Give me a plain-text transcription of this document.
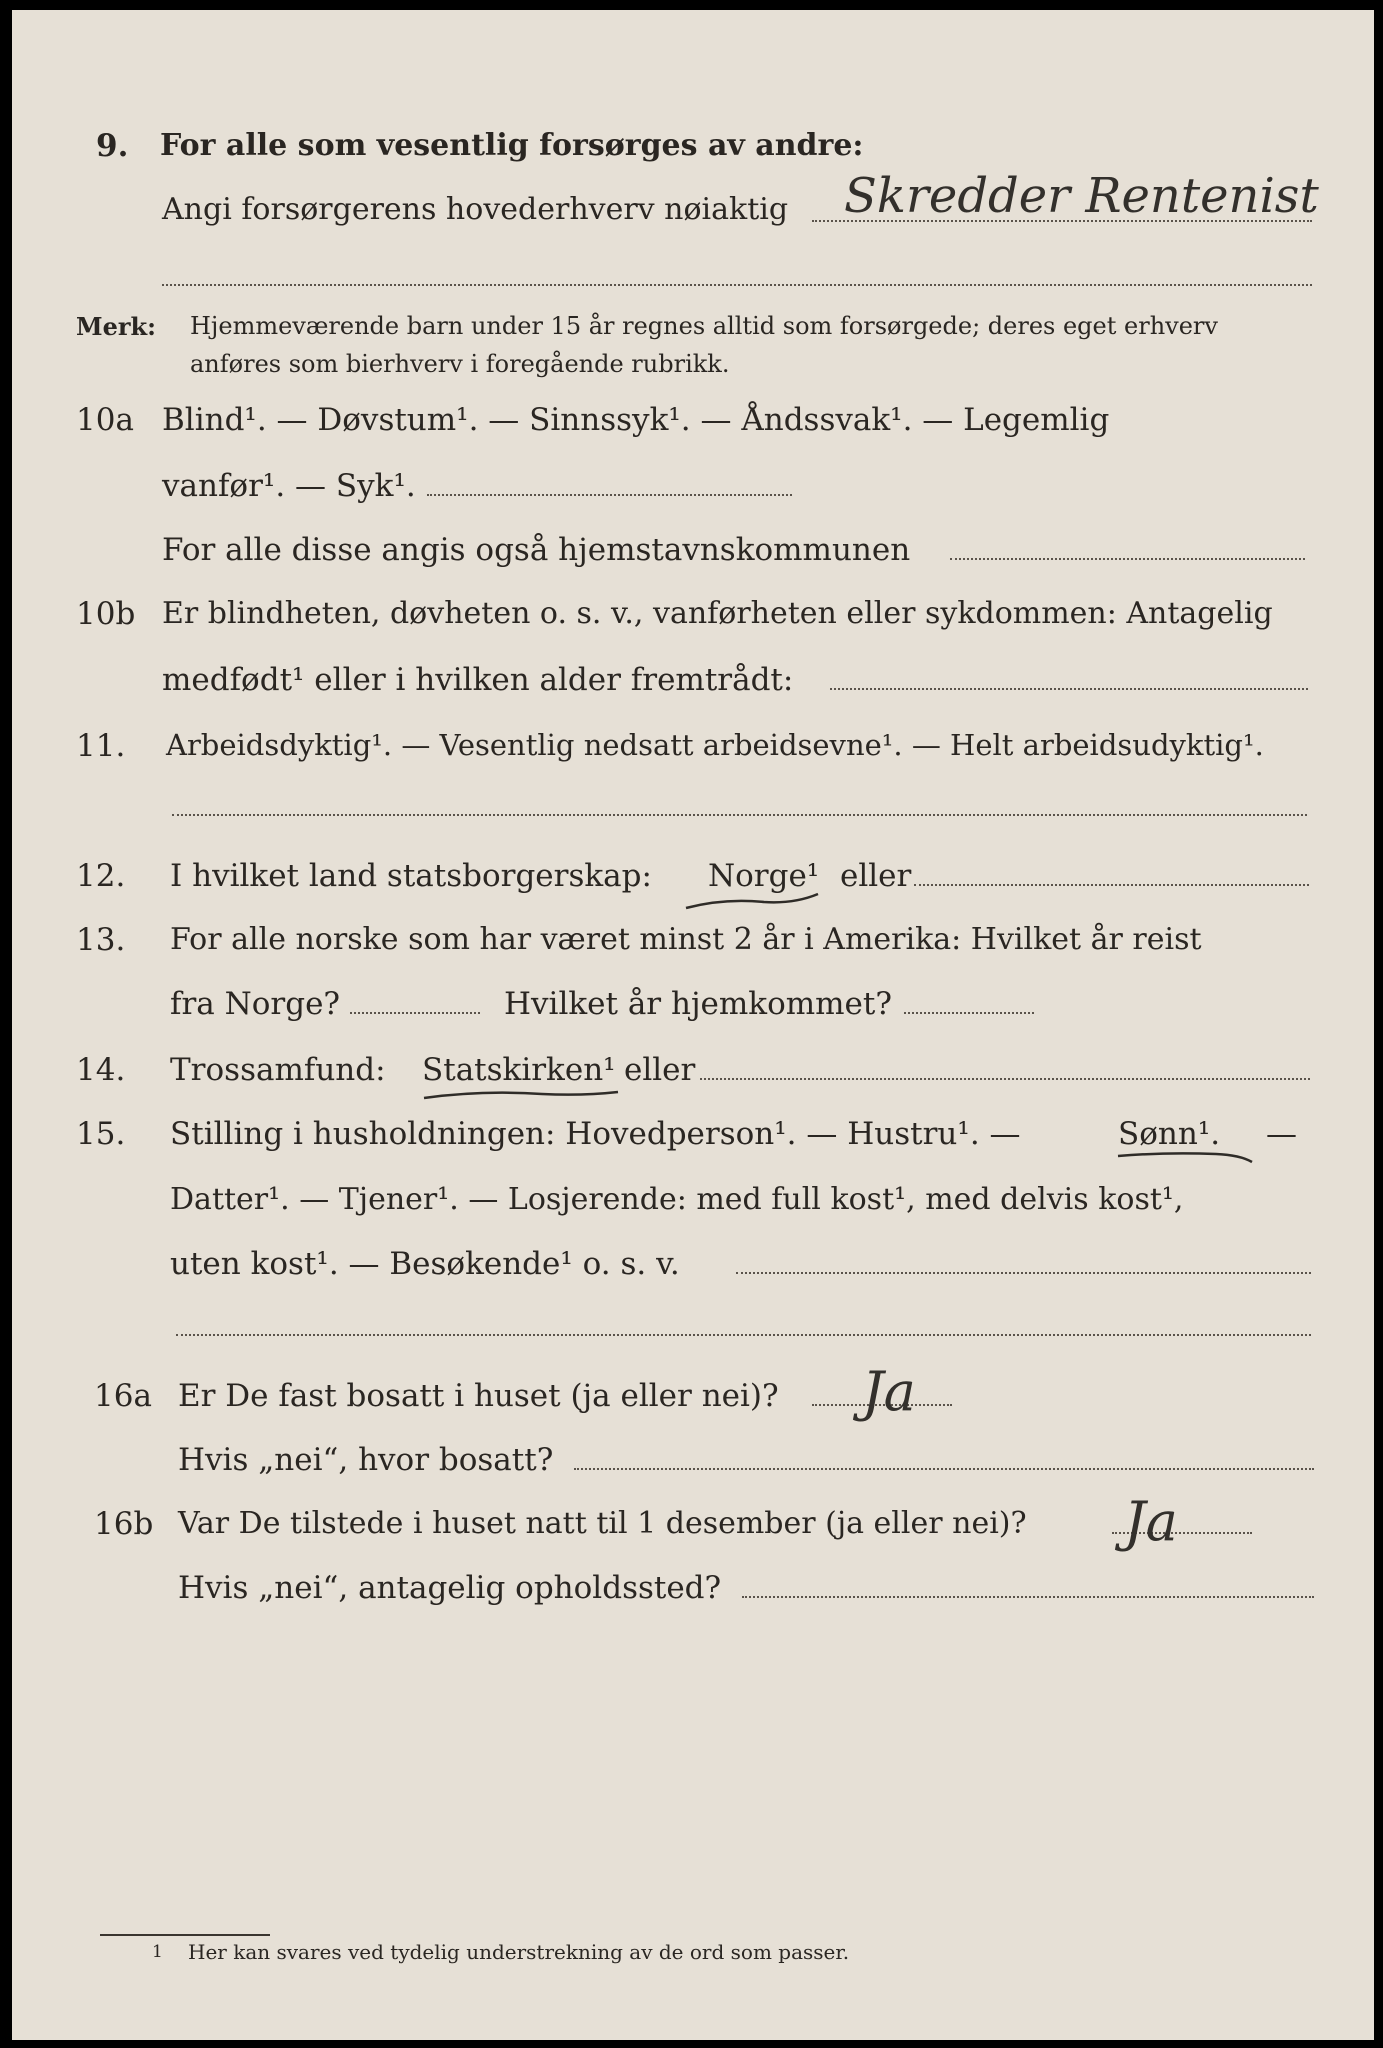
9. For alle som vesentlig forsørges av andre:
Angi forsørgerens hovederhverv nøiaktig Skredder Rentenist
Merk: Hjemmeværende barn under 15 år regnes alltid som forsørgede; deres eget erhverv
anføres som bierhverv i foregående rubrikk.
10a Blind¹. — Døvstum¹. — Sinnssyk¹. — Åndssvak¹. — Legemlig
vanfør¹. — Syk¹.
For alle disse angis også hjemstavnskommunen
10b Er blindheten, døvheten o. s. v., vanførheten eller sykdommen: Antagelig
medfødt¹ eller i hvilken alder fremtrådt:
11. Arbeidsdyktig¹. — Vesentlig nedsatt arbeidsevne¹. — Helt arbeidsudyktig¹.
12. I hvilket land statsborgerskap: Norge¹ eller
13. For alle norske som har været minst 2 år i Amerika: Hvilket år reist
fra Norge?	Hvilket år hjemkommet?
14. Trossamfund: Statskirken¹ eller
15. Stilling i husholdningen: Hovedperson¹. — Hustru¹. —	Sønn¹. —
Datter¹. — Tjener¹. — Losjerende: med full kost¹, med delvis kost¹,
uten kost¹. — Besøkende¹ o. s. v.
16a Er De fast bosatt i huset (ja eller nei)? Ja
Hvis „nei“, hvor bosatt?
16b Var De tilstede i huset natt til 1 desember (ja eller nei)? Ja
Hvis „nei“, antagelig opholdssted?
1 Her kan svares ved tydelig understrekning av de ord som passer.
